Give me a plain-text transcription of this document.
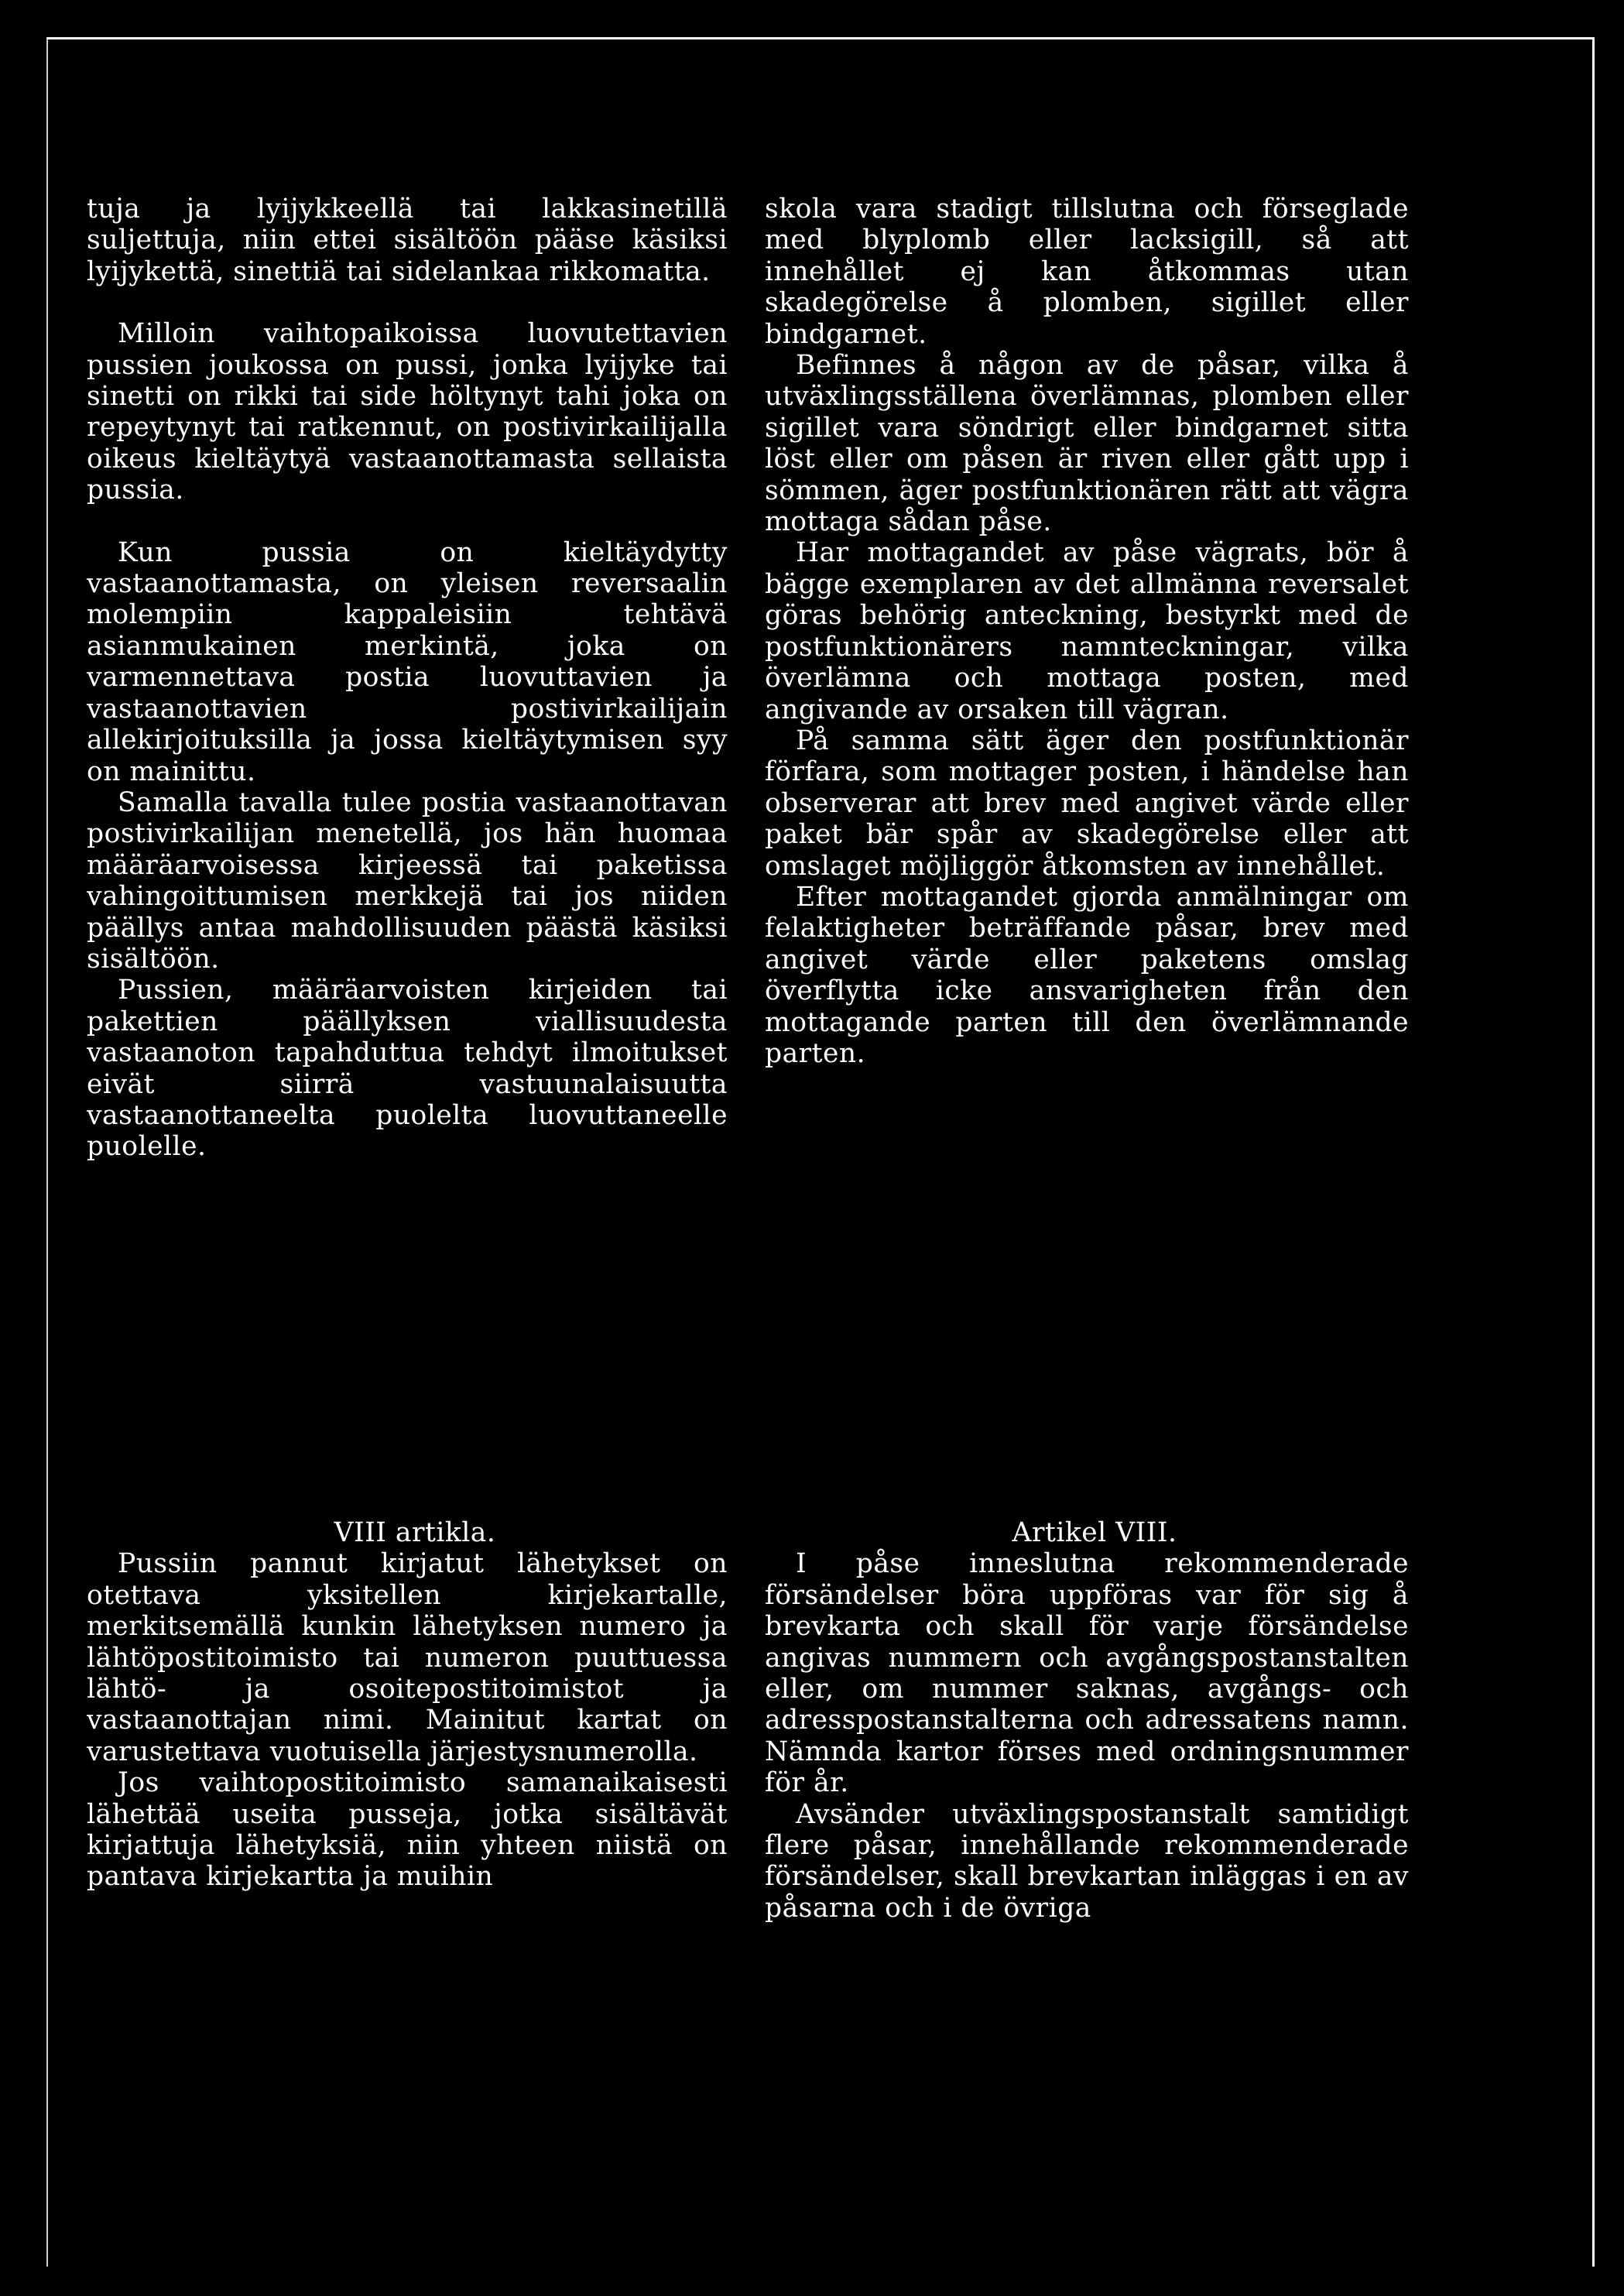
tuja ja lyijykkeellä tai lakkasinetillä suljettuja, niin ettei sisältöön pääse käsiksi lyijykettä, sinettiä tai sidelankaa rikkomatta.

Milloin vaihtopaikoissa luovutettavien pussien joukossa on pussi, jonka lyijyke tai sinetti on rikki tai side höltynyt tahi joka on repeytynyt tai ratkennut, on postivirkailijalla oikeus kieltäytyä vastaanottamasta sellaista pussia.

Kun pussia on kieltäydytty vastaanottamasta, on yleisen reversaalin molempiin kappaleisiin tehtävä asianmukainen merkintä, joka on varmennettava postia luovuttavien ja vastaanottavien postivirkailijain allekirjoituksilla ja jossa kieltäytymisen syy on mainittu.

Samalla tavalla tulee postia vastaanottavan postivirkailijan menetellä, jos hän huomaa määräarvoisessa kirjeessä tai paketissa vahingoittumisen merkkejä tai jos niiden päällys antaa mahdollisuuden päästä käsiksi sisältöön.

Pussien, määräarvoisten kirjeiden tai pakettien päällyksen viallisuudesta vastaanoton tapahduttua tehdyt ilmoitukset eivät siirrä vastuunalaisuutta vastaanottaneelta puolelta luovuttaneelle puolelle.

skola vara stadigt tillslutna och förseglade med blyplomb eller lacksigill, så att innehållet ej kan åtkommas utan skadegörelse å plomben, sigillet eller bindgarnet.

Befinnes å någon av de påsar, vilka å utväxlingsställena överlämnas, plomben eller sigillet vara söndrigt eller bindgarnet sitta löst eller om påsen är riven eller gått upp i sömmen, äger postfunktionären rätt att vägra mottaga sådan påse.

Har mottagandet av påse vägrats, bör å bägge exemplaren av det allmänna reversalet göras behörig anteckning, bestyrkt med de postfunktionärers namnteckningar, vilka överlämna och mottaga posten, med angivande av orsaken till vägran.

På samma sätt äger den postfunktionär förfara, som mottager posten, i händelse han observerar att brev med angivet värde eller paket bär spår av skadegörelse eller att omslaget möjliggör åtkomsten av innehållet.

Efter mottagandet gjorda anmälningar om felaktigheter beträffande påsar, brev med angivet värde eller paketens omslag överflytta icke ansvarigheten från den mottagande parten till den överlämnande parten.

VIII artikla.

Pussiin pannut kirjatut lähetykset on otettava yksitellen kirjekartalle, merkitsemällä kunkin lähetyksen numero ja lähtöpostitoimisto tai numeron puuttuessa lähtö- ja osoitepostitoimistot ja vastaanottajan nimi. Mainitut kartat on varustettava vuotuisella järjestysnumerolla.

Jos vaihtopostitoimisto samanaikaisesti lähettää useita pusseja, jotka sisältävät kirjattuja lähetyksiä, niin yhteen niistä on pantava kirjekartta ja muihin

Artikel VIII.

I påse inneslutna rekommenderade försändelser böra uppföras var för sig å brevkarta och skall för varje försändelse angivas nummern och avgångspostanstalten eller, om nummer saknas, avgångs- och adresspostanstalterna och adressatens namn. Nämnda kartor förses med ordningsnummer för år.

Avsänder utväxlingspostanstalt samtidigt flere påsar, innehållande rekommenderade försändelser, skall brevkartan inläggas i en av påsarna och i de övriga
